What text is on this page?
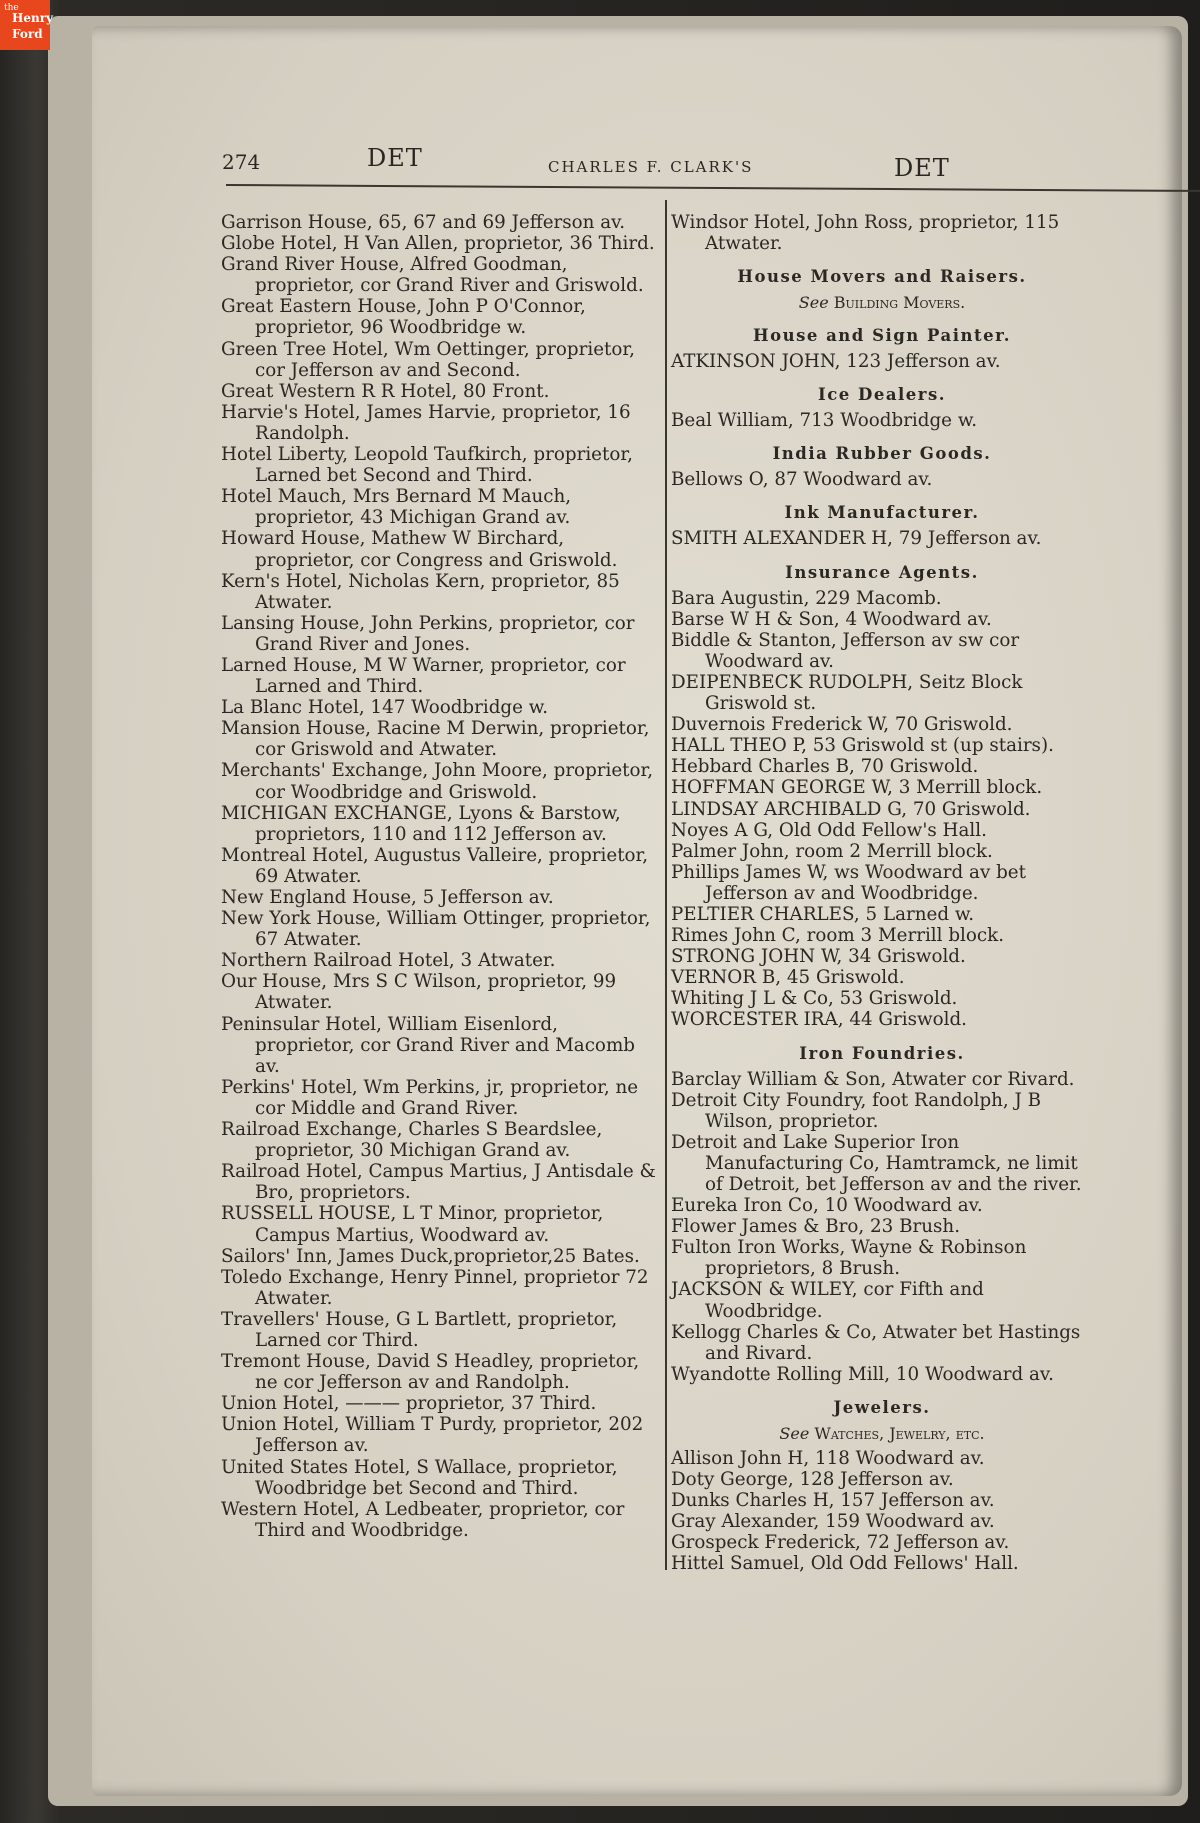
the
Henry
Ford
274	DET	CHARLES F. CLARK'S	DET
Garrison House, 65, 67 and 69 Jefferson av.
Globe Hotel, H Van Allen, proprietor, 36 Third.
Grand River House, Alfred Goodman, proprietor, cor Grand River and Griswold.
Great Eastern House, John P O'Connor, proprietor, 96 Woodbridge w.
Green Tree Hotel, Wm Oettinger, proprietor, cor Jefferson av and Second.
Great Western R R Hotel, 80 Front.
Harvie's Hotel, James Harvie, proprietor, 16 Randolph.
Hotel Liberty, Leopold Taufkirch, proprietor, Larned bet Second and Third.
Hotel Mauch, Mrs Bernard M Mauch, proprietor, 43 Michigan Grand av.
Howard House, Mathew W Birchard, proprietor, cor Congress and Griswold.
Kern's Hotel, Nicholas Kern, proprietor, 85 Atwater.
Lansing House, John Perkins, proprietor, cor Grand River and Jones.
Larned House, M W Warner, proprietor, cor Larned and Third.
La Blanc Hotel, 147 Woodbridge w.
Mansion House, Racine M Derwin, proprietor, cor Griswold and Atwater.
Merchants' Exchange, John Moore, proprietor, cor Woodbridge and Griswold.
MICHIGAN EXCHANGE, Lyons & Barstow, proprietors, 110 and 112 Jefferson av.
Montreal Hotel, Augustus Valleire, proprietor, 69 Atwater.
New England House, 5 Jefferson av.
New York House, William Ottinger, proprietor, 67 Atwater.
Northern Railroad Hotel, 3 Atwater.
Our House, Mrs S C Wilson, proprietor, 99 Atwater.
Peninsular Hotel, William Eisenlord, proprietor, cor Grand River and Macomb av.
Perkins' Hotel, Wm Perkins, jr, proprietor, ne cor Middle and Grand River.
Railroad Exchange, Charles S Beardslee, proprietor, 30 Michigan Grand av.
Railroad Hotel, Campus Martius, J Antisdale & Bro, proprietors.
RUSSELL HOUSE, L T Minor, proprietor, Campus Martius, Woodward av.
Sailors' Inn, James Duck,proprietor,25 Bates.
Toledo Exchange, Henry Pinnel, proprietor 72 Atwater.
Travellers' House, G L Bartlett, proprietor, Larned cor Third.
Tremont House, David S Headley, proprietor, ne cor Jefferson av and Randolph.
Union Hotel, ——— proprietor, 37 Third.
Union Hotel, William T Purdy, proprietor, 202 Jefferson av.
United States Hotel, S Wallace, proprietor, Woodbridge bet Second and Third.
Western Hotel, A Ledbeater, proprietor, cor Third and Woodbridge.
Windsor Hotel, John Ross, proprietor, 115 Atwater.
House Movers and Raisers.
See Building Movers.
House and Sign Painter.
ATKINSON JOHN, 123 Jefferson av.
Ice Dealers.
Beal William, 713 Woodbridge w.
India Rubber Goods.
Bellows O, 87 Woodward av.
Ink Manufacturer.
SMITH ALEXANDER H, 79 Jefferson av.
Insurance Agents.
Bara Augustin, 229 Macomb.
Barse W H & Son, 4 Woodward av.
Biddle & Stanton, Jefferson av sw cor Woodward av.
DEIPENBECK RUDOLPH, Seitz Block Griswold st.
Duvernois Frederick W, 70 Griswold.
HALL THEO P, 53 Griswold st (up stairs).
Hebbard Charles B, 70 Griswold.
HOFFMAN GEORGE W, 3 Merrill block.
LINDSAY ARCHIBALD G, 70 Griswold.
Noyes A G, Old Odd Fellow's Hall.
Palmer John, room 2 Merrill block.
Phillips James W, ws Woodward av bet Jefferson av and Woodbridge.
PELTIER CHARLES, 5 Larned w.
Rimes John C, room 3 Merrill block.
STRONG JOHN W, 34 Griswold.
VERNOR B, 45 Griswold.
Whiting J L & Co, 53 Griswold.
WORCESTER IRA, 44 Griswold.
Iron Foundries.
Barclay William & Son, Atwater cor Rivard.
Detroit City Foundry, foot Randolph, J B Wilson, proprietor.
Detroit and Lake Superior Iron Manufacturing Co, Hamtramck, ne limit of Detroit, bet Jefferson av and the river.
Eureka Iron Co, 10 Woodward av.
Flower James & Bro, 23 Brush.
Fulton Iron Works, Wayne & Robinson proprietors, 8 Brush.
JACKSON & WILEY, cor Fifth and Woodbridge.
Kellogg Charles & Co, Atwater bet Hastings and Rivard.
Wyandotte Rolling Mill, 10 Woodward av.
Jewelers.
See Watches, Jewelry, etc.
Allison John H, 118 Woodward av.
Doty George, 128 Jefferson av.
Dunks Charles H, 157 Jefferson av.
Gray Alexander, 159 Woodward av.
Grospeck Frederick, 72 Jefferson av.
Hittel Samuel, Old Odd Fellows' Hall.
